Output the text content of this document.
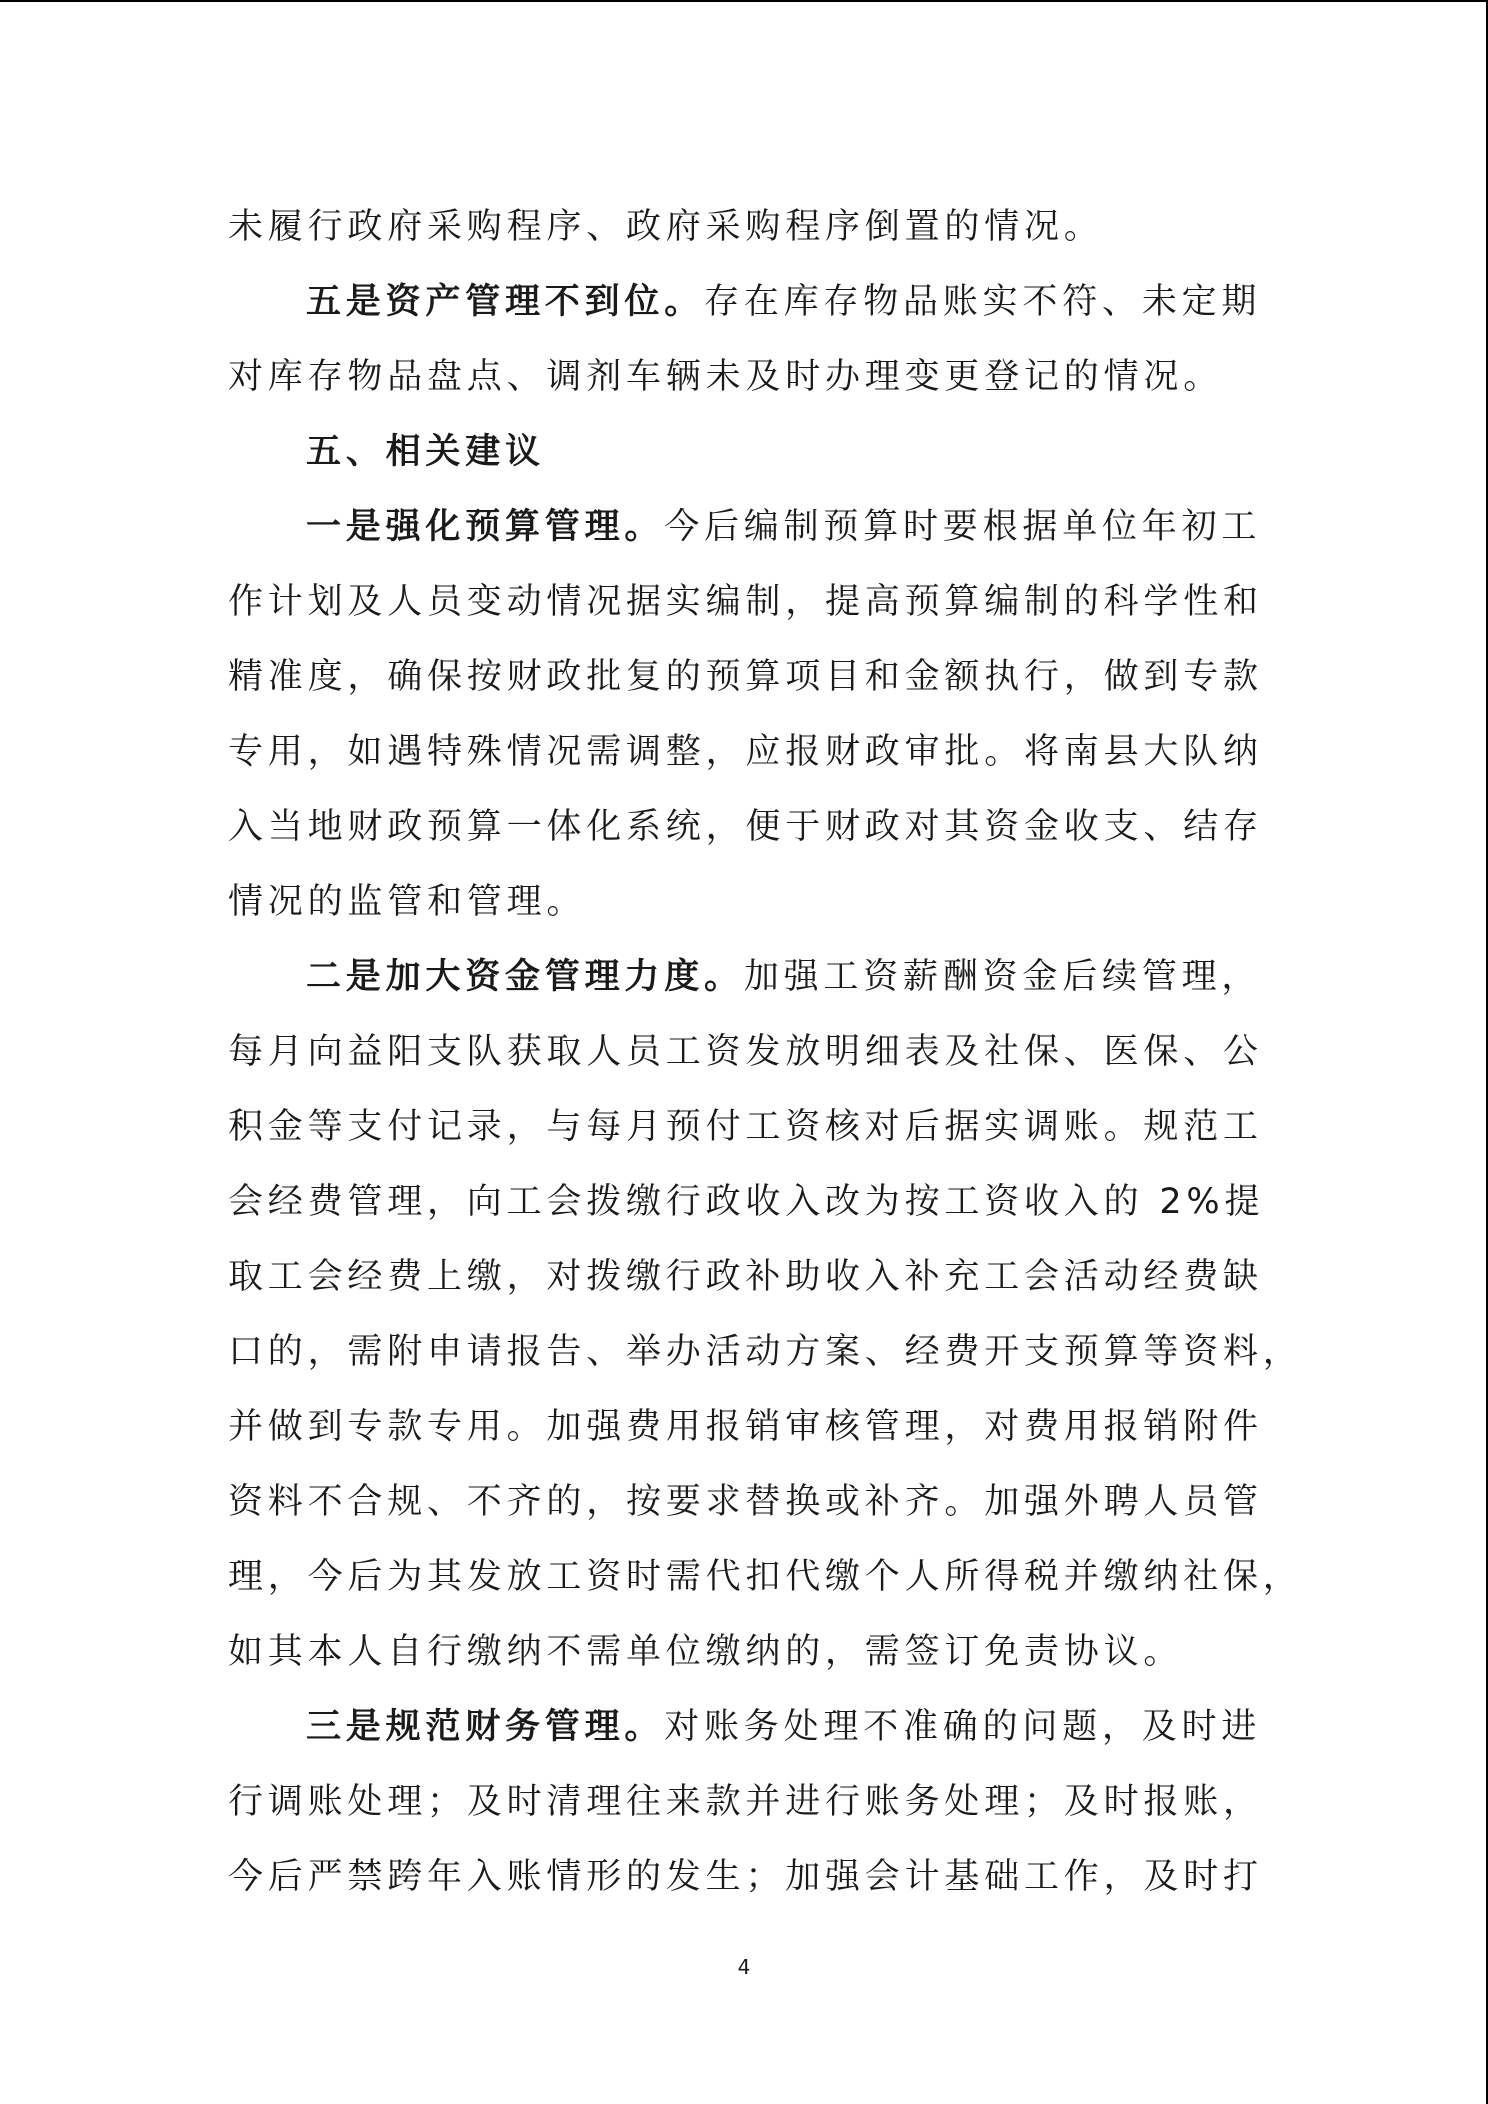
未履行政府采购程序、政府采购程序倒置的情况。
五是资产管理不到位。存在库存物品账实不符、未定期
对库存物品盘点、调剂车辆未及时办理变更登记的情况。
五、相关建议
一是强化预算管理。今后编制预算时要根据单位年初工
作计划及人员变动情况据实编制，提高预算编制的科学性和
精准度，确保按财政批复的预算项目和金额执行，做到专款
专用，如遇特殊情况需调整，应报财政审批。将南县大队纳
入当地财政预算一体化系统，便于财政对其资金收支、结存
情况的监管和管理。
二是加大资金管理力度。加强工资薪酬资金后续管理，
每月向益阳支队获取人员工资发放明细表及社保、医保、公
积金等支付记录，与每月预付工资核对后据实调账。规范工
会经费管理，向工会拨缴行政收入改为按工资收入的 2%提
取工会经费上缴，对拨缴行政补助收入补充工会活动经费缺
口的，需附申请报告、举办活动方案、经费开支预算等资料，
并做到专款专用。加强费用报销审核管理，对费用报销附件
资料不合规、不齐的，按要求替换或补齐。加强外聘人员管
理，今后为其发放工资时需代扣代缴个人所得税并缴纳社保，
如其本人自行缴纳不需单位缴纳的，需签订免责协议。
三是规范财务管理。对账务处理不准确的问题，及时进
行调账处理；及时清理往来款并进行账务处理；及时报账，
今后严禁跨年入账情形的发生；加强会计基础工作，及时打
4
